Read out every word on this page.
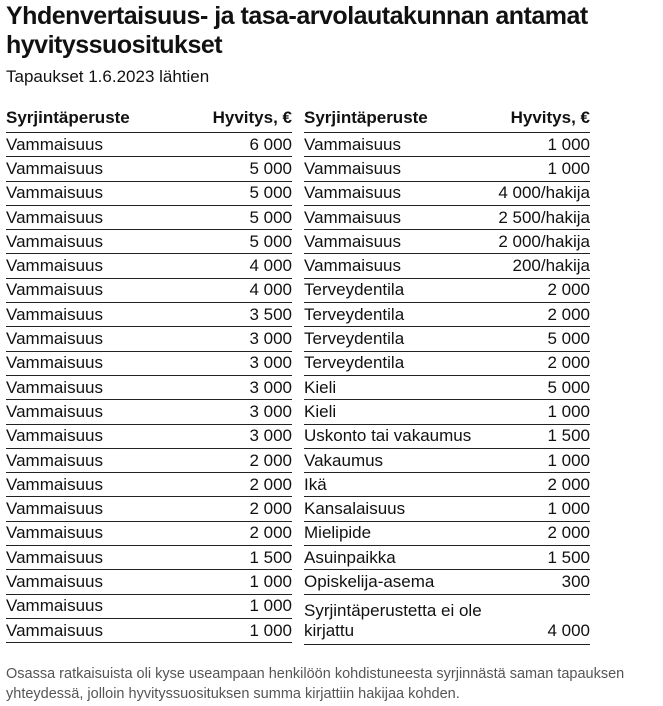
Yhdenvertaisuus- ja tasa-arvolautakunnan antamat hyvityssuositukset
Tapaukset 1.6.2023 lähtien
Syrjintäperuste	Hyvitys, €
Vammaisuus	6 000
Vammaisuus	5 000
Vammaisuus	5 000
Vammaisuus	5 000
Vammaisuus	5 000
Vammaisuus	4 000
Vammaisuus	4 000
Vammaisuus	3 500
Vammaisuus	3 000
Vammaisuus	3 000
Vammaisuus	3 000
Vammaisuus	3 000
Vammaisuus	3 000
Vammaisuus	2 000
Vammaisuus	2 000
Vammaisuus	2 000
Vammaisuus	2 000
Vammaisuus	1 500
Vammaisuus	1 000
Vammaisuus	1 000
Vammaisuus	1 000
Syrjintäperuste	Hyvitys, €
Vammaisuus	1 000
Vammaisuus	1 000
Vammaisuus	4 000/hakija
Vammaisuus	2 500/hakija
Vammaisuus	2 000/hakija
Vammaisuus	200/hakija
Terveydentila	2 000
Terveydentila	2 000
Terveydentila	5 000
Terveydentila	2 000
Kieli	5 000
Kieli	1 000
Uskonto tai vakaumus	1 500
Vakaumus	1 000
Ikä	2 000
Kansalaisuus	1 000
Mielipide	2 000
Asuinpaikka	1 500
Opiskelija-asema	300
Syrjintäperustetta ei ole kirjattu	4 000
Osassa ratkaisuista oli kyse useampaan henkilöön kohdistuneesta syrjinnästä saman tapauksen yhteydessä, jolloin hyvityssuosituksen summa kirjattiin hakijaa kohden.
